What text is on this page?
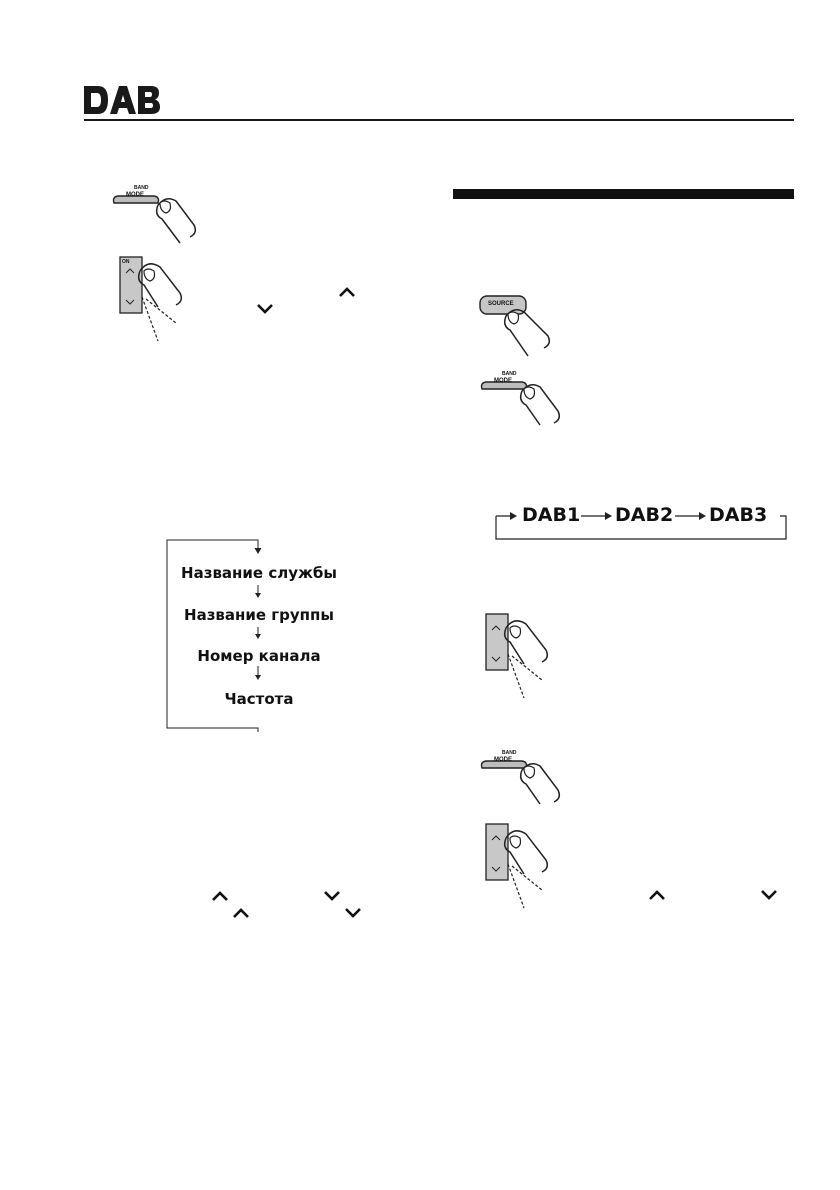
BAND
MODE
ON
Название службы
Название группы
Номер канала
Частота
SOURCE
BAND
MODE
DAB1 DAB2 DAB3
BAND
MODE
